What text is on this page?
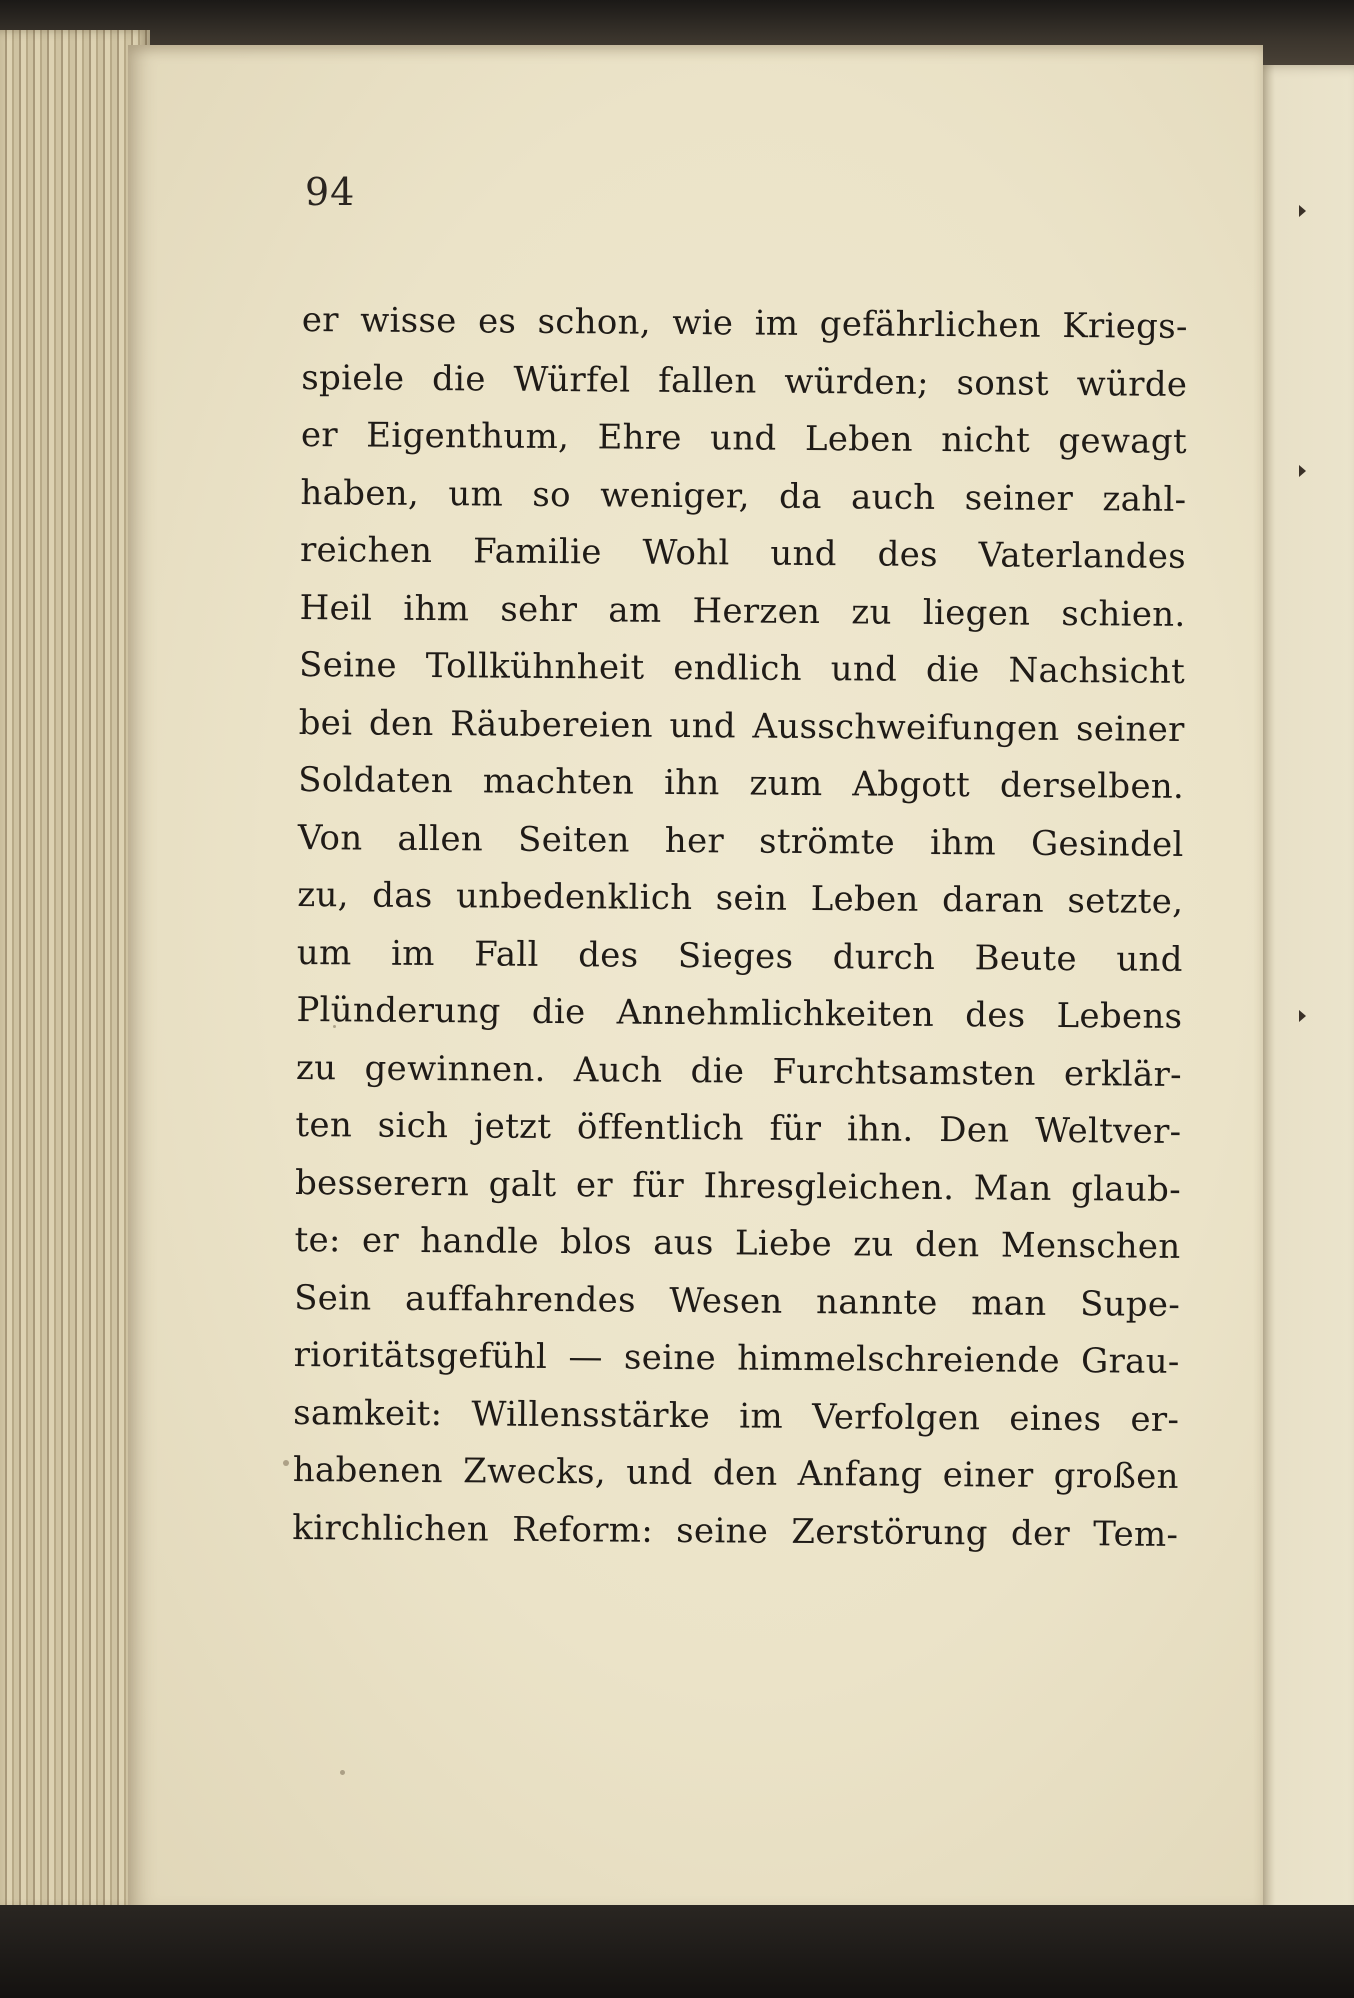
94
er wisse es schon, wie im gefährlichen Kriegs-
spiele die Würfel fallen würden; sonst würde
er Eigenthum, Ehre und Leben nicht gewagt
haben, um so weniger, da auch seiner zahl-
reichen Familie Wohl und des Vaterlandes
Heil ihm sehr am Herzen zu liegen schien.
Seine Tollkühnheit endlich und die Nachsicht
bei den Räubereien und Ausschweifungen seiner
Soldaten machten ihn zum Abgott derselben.
Von allen Seiten her strömte ihm Gesindel
zu, das unbedenklich sein Leben daran setzte,
um im Fall des Sieges durch Beute und
Plünderung die Annehmlichkeiten des Lebens
zu gewinnen. Auch die Furchtsamsten erklär-
ten sich jetzt öffentlich für ihn. Den Weltver-
besserern galt er für Ihresgleichen. Man glaub-
te: er handle blos aus Liebe zu den Menschen
Sein auffahrendes Wesen nannte man Supe-
rioritätsgefühl — seine himmelschreiende Grau-
samkeit: Willensstärke im Verfolgen eines er-
habenen Zwecks, und den Anfang einer großen
kirchlichen Reform: seine Zerstörung der Tem-
